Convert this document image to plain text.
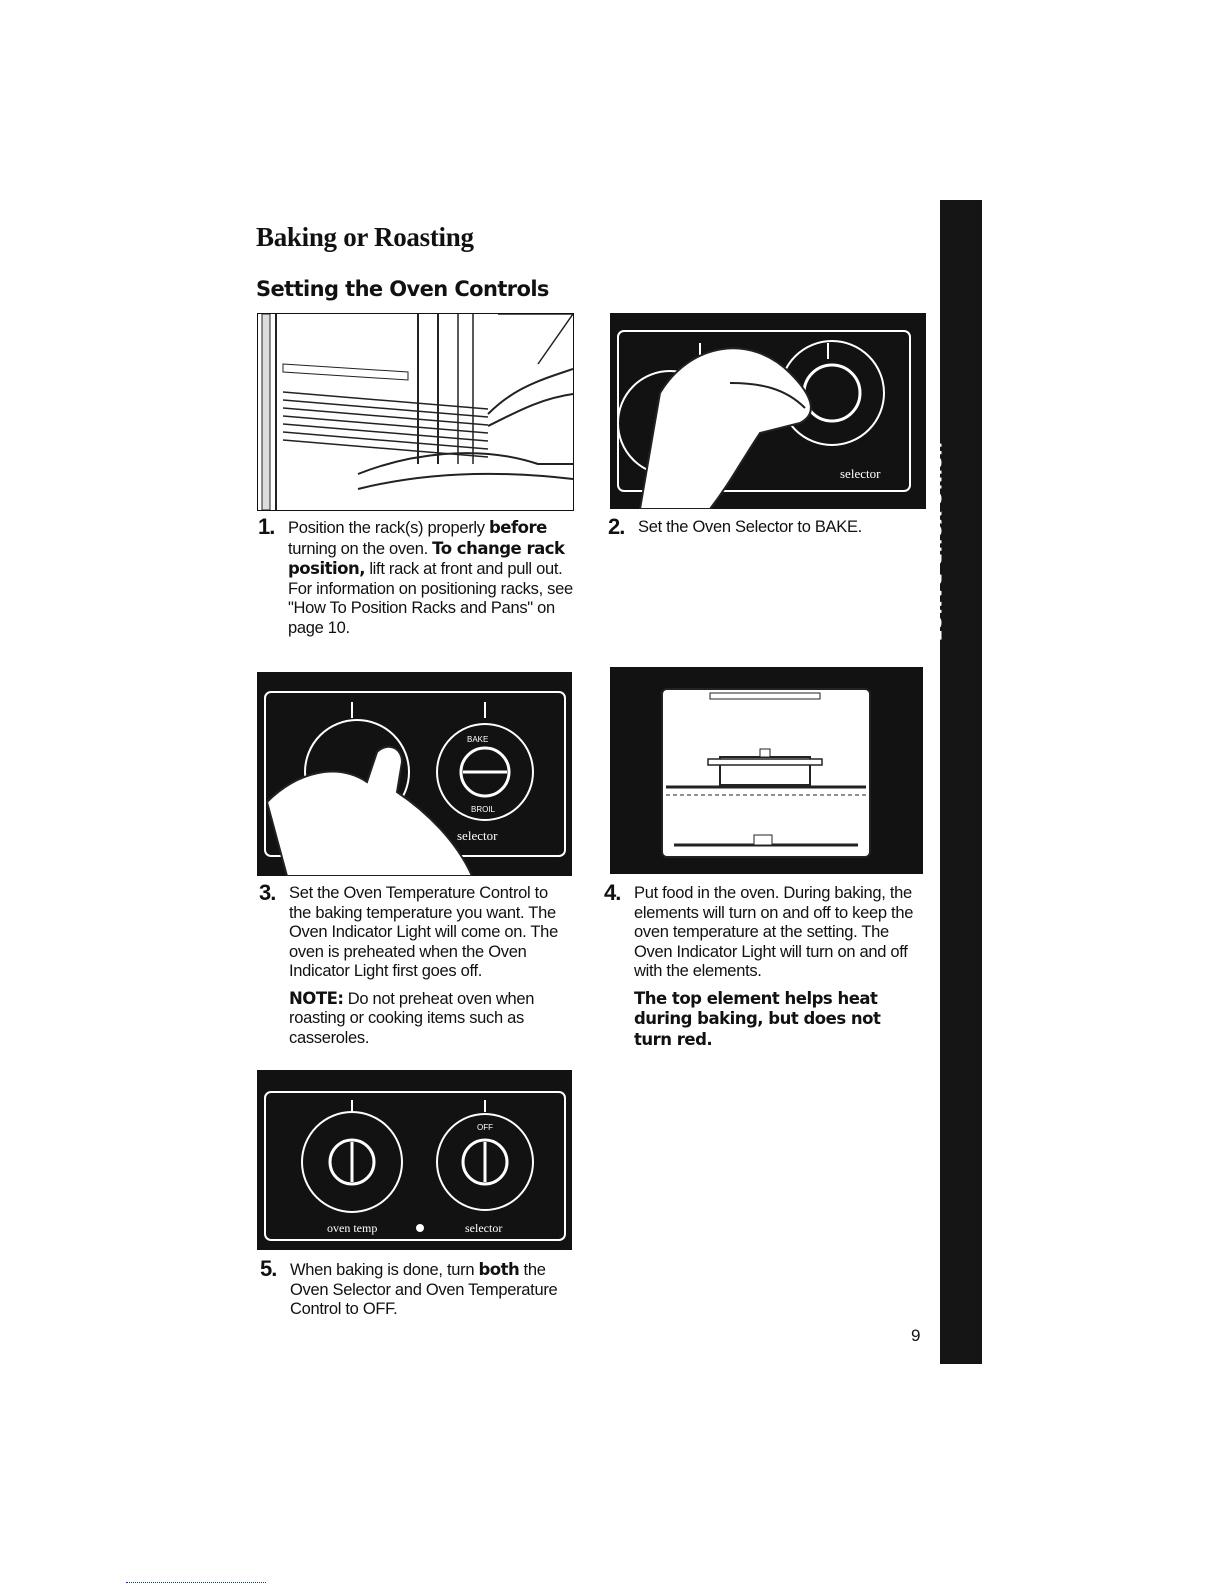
Baking or Roasting
Setting the Oven Controls
selector
1. Position the rack(s) properly before turning on the oven. To change rack position, lift rack at front and pull out. For information on positioning racks, see "How To Position Racks and Pans" on page 10.

2. Set the Oven Selector to BAKE.

BAKE
BROIL
selector
3. Set the Oven Temperature Control to the baking temperature you want. The Oven Indicator Light will come on. The oven is preheated when the Oven Indicator Light first goes off.

NOTE: Do not preheat oven when roasting or cooking items such as casseroles.

4. Put food in the oven. During baking, the elements will turn on and off to keep the oven temperature at the setting. The Oven Indicator Light will turn on and off with the elements.

The top element helps heat during baking, but does not turn red.

OFF
oven temp	selector
5. When baking is done, turn both the Oven Selector and Oven Temperature Control to OFF.

USING YOUR RANGE
9
